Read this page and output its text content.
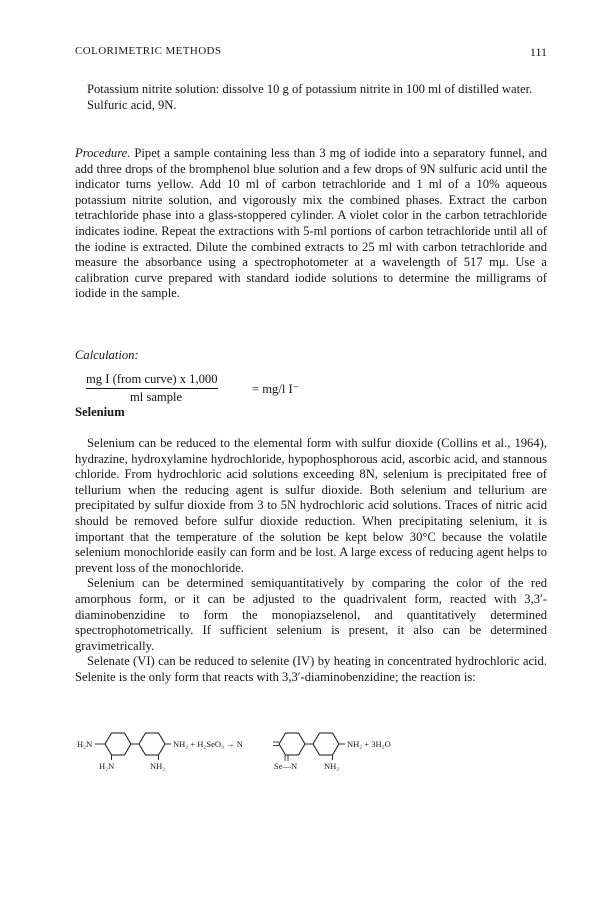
COLORIMETRIC METHODS	111

Potassium nitrite solution: dissolve 10 g of potassium nitrite in 100 ml of distilled water.

Sulfuric acid, 9N.

Procedure. Pipet a sample containing less than 3 mg of iodide into a separatory funnel, and add three drops of the bromphenol blue solution and a few drops of 9N sulfuric acid until the indicator turns yellow. Add 10 ml of carbon tetrachloride and 1 ml of a 10% aqueous potassium nitrite solution, and vigorously mix the combined phases. Extract the carbon tetrachloride phase into a glass-stoppered cylinder. A violet color in the carbon tetrachloride indicates iodine. Repeat the extractions with 5-ml portions of carbon tetrachloride until all of the iodine is extracted. Dilute the combined extracts to 25 ml with carbon tetrachloride and measure the absorbance using a spectrophotometer at a wavelength of 517 mμ. Use a calibration curve prepared with standard iodide solutions to determine the milligrams of iodide in the sample.

Calculation:

mg I (from curve) x 1,000
ml sample
= mg/l I⁻
Selenium

Selenium can be reduced to the elemental form with sulfur dioxide (Collins et al., 1964), hydrazine, hydroxylamine hydrochloride, hypophosphorous acid, ascorbic acid, and stannous chloride. From hydrochloric acid solutions exceeding 8N, selenium is precipitated free of tellurium when the reducing agent is sulfur dioxide. Both selenium and tellurium are precipitated by sulfur dioxide from 3 to 5N hydrochloric acid solutions. Traces of nitric acid should be removed before sulfur dioxide reduction. When precipitating selenium, it is important that the temperature of the solution be kept below 30°C because the volatile selenium monochloride easily can form and be lost. A large excess of reducing agent helps to prevent loss of the monochloride.

Selenium can be determined semiquantitatively by comparing the color of the red amorphous form, or it can be adjusted to the quadrivalent form, reacted with 3,3′-diaminobenzidine to form the monopiazselenol, and quantitatively determined spectrophotometrically. If sufficient selenium is present, it also can be determined gravimetrically.

Selenate (VI) can be reduced to selenite (IV) by heating in concentrated hydrochloric acid. Selenite is the only form that reacts with 3,3′-diaminobenzidine; the reaction is:

H₂N
H₂N	NH₂
NH₂ + H₂SeO₃ → N
Se—N	NH₂
NH₂ + 3H₂O
